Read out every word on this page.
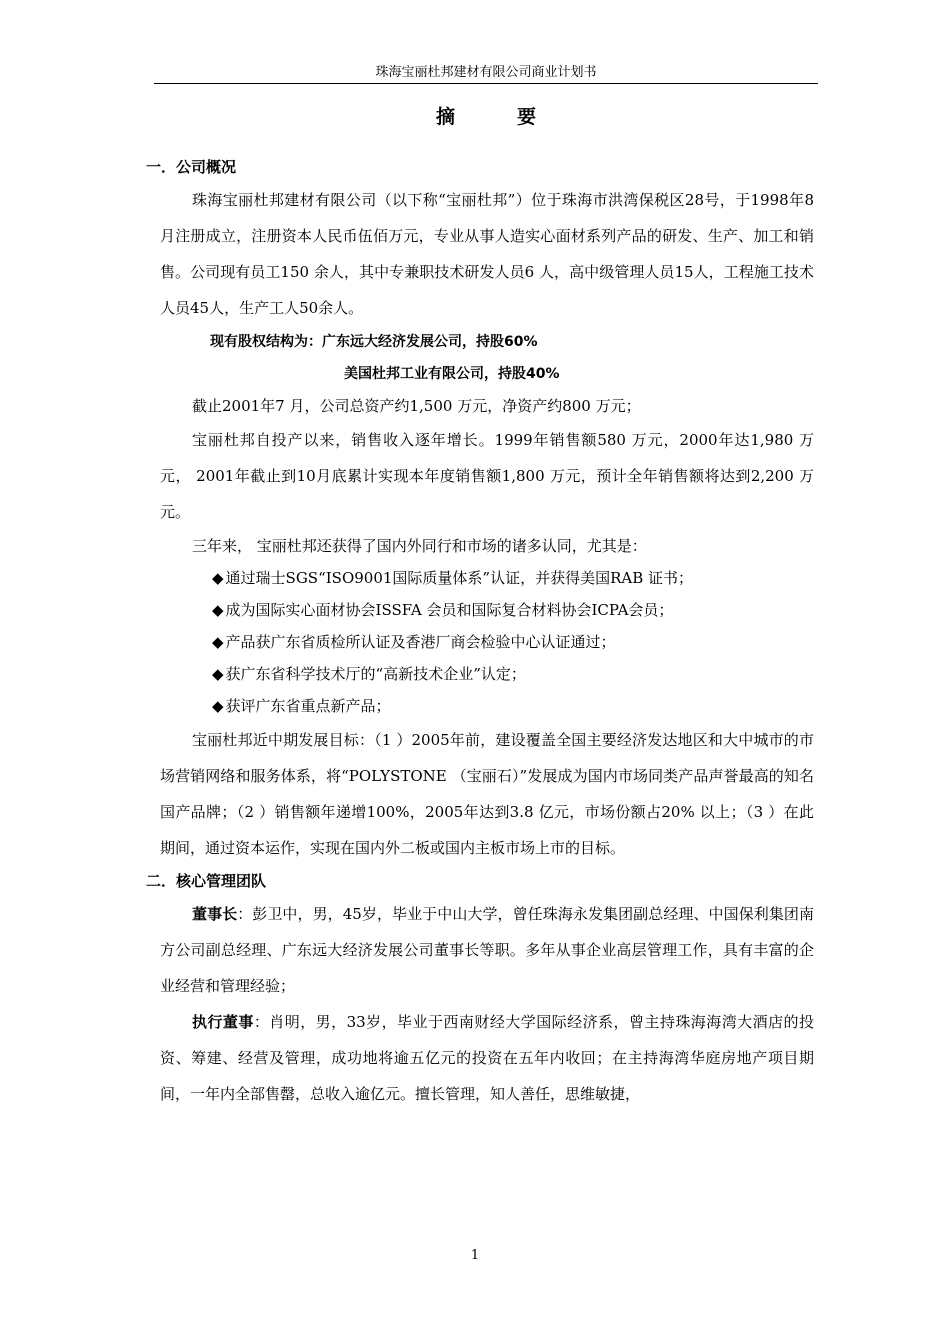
珠海宝丽杜邦建材有限公司商业计划书
摘要
一．公司概况

珠海宝丽杜邦建材有限公司（以下称“宝丽杜邦”）位于珠海市洪湾保税区28号，于1998年8 月注册成立，注册资本人民币伍佰万元，专业从事人造实心面材系列产品的研发、生产、加工和销售。公司现有员工150 余人，其中专兼职技术研发人员6 人，高中级管理人员15人，工程施工技术人员45人，生产工人50余人。

现有股权结构为：广东远大经济发展公司，持股60%

美国杜邦工业有限公司，持股40%

截止2001年7 月，公司总资产约1,500 万元，净资产约800 万元；

宝丽杜邦自投产以来，销售收入逐年增长。1999年销售额580 万元，2000年达1,980 万元， 2001年截止到10月底累计实现本年度销售额1,800 万元，预计全年销售额将达到2,200 万元。

三年来， 宝丽杜邦还获得了国内外同行和市场的诸多认同，尤其是：

◆ 通过瑞士SGS“ISO9001国际质量体系”认证，并获得美国RAB 证书；

◆ 成为国际实心面材协会ISSFA 会员和国际复合材料协会ICPA会员；

◆ 产品获广东省质检所认证及香港厂商会检验中心认证通过；

◆ 获广东省科学技术厅的“高新技术企业”认定；

◆ 获评广东省重点新产品；

宝丽杜邦近中期发展目标：（1 ）2005年前，建设覆盖全国主要经济发达地区和大中城市的市场营销网络和服务体系，将“POLYSTONE （宝丽石）”发展成为国内市场同类产品声誉最高的知名国产品牌；（2 ）销售额年递增100%，2005年达到3.8 亿元，市场份额占20% 以上；（3 ）在此期间，通过资本运作，实现在国内外二板或国内主板市场上市的目标。

二．核心管理团队

董事长：彭卫中，男，45岁，毕业于中山大学，曾任珠海永发集团副总经理、中国保利集团南方公司副总经理、广东远大经济发展公司董事长等职。多年从事企业高层管理工作，具有丰富的企业经营和管理经验；

执行董事：肖明，男，33岁，毕业于西南财经大学国际经济系，曾主持珠海海湾大酒店的投资、筹建、经营及管理，成功地将逾五亿元的投资在五年内收回；在主持海湾华庭房地产项目期间，一年内全部售罄，总收入逾亿元。擅长管理，知人善任，思维敏捷，

1
